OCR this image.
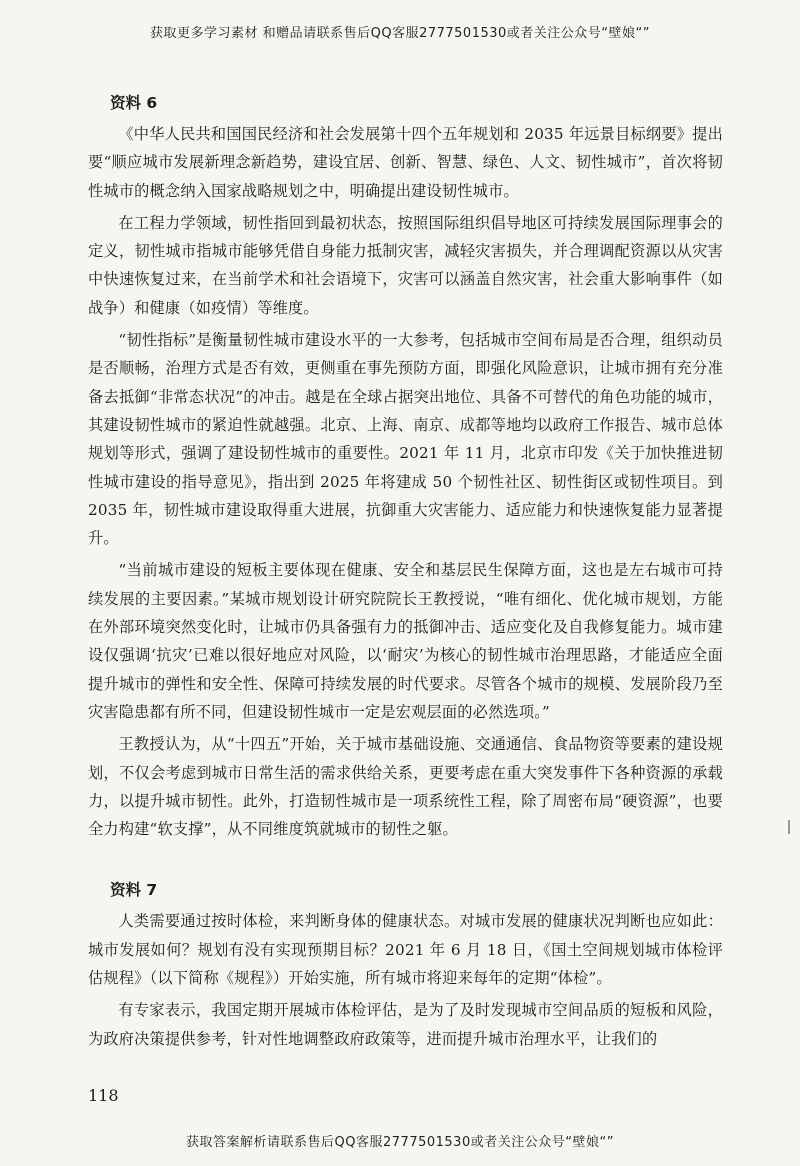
获取更多学习素材 和赠品请联系售后QQ客服2777501530或者关注公众号“壁娘“”
资料 6

《中华人民共和国国民经济和社会发展第十四个五年规划和 2035 年远景目标纲要》提出要“顺应城市发展新理念新趋势，建设宜居、创新、智慧、绿色、人文、韧性城市”，首次将韧性城市的概念纳入国家战略规划之中，明确提出建设韧性城市。

在工程力学领域，韧性指回到最初状态，按照国际组织倡导地区可持续发展国际理事会的定义，韧性城市指城市能够凭借自身能力抵制灾害，减轻灾害损失，并合理调配资源以从灾害中快速恢复过来，在当前学术和社会语境下，灾害可以涵盖自然灾害，社会重大影响事件（如战争）和健康（如疫情）等维度。

“韧性指标”是衡量韧性城市建设水平的一大参考，包括城市空间布局是否合理，组织动员是否顺畅，治理方式是否有效，更侧重在事先预防方面，即强化风险意识，让城市拥有充分准备去抵御“非常态状况”的冲击。越是在全球占据突出地位、具备不可替代的角色功能的城市，其建设韧性城市的紧迫性就越强。北京、上海、南京、成都等地均以政府工作报告、城市总体规划等形式，强调了建设韧性城市的重要性。2021 年 11 月，北京市印发《关于加快推进韧性城市建设的指导意见》，指出到 2025 年将建成 50 个韧性社区、韧性街区或韧性项目。到 2035 年，韧性城市建设取得重大进展，抗御重大灾害能力、适应能力和快速恢复能力显著提升。

“当前城市建设的短板主要体现在健康、安全和基层民生保障方面，这也是左右城市可持续发展的主要因素。”某城市规划设计研究院院长王教授说，“唯有细化、优化城市规划，方能在外部环境突然变化时，让城市仍具备强有力的抵御冲击、适应变化及自我修复能力。城市建设仅强调‘抗灾’已难以很好地应对风险，以‘耐灾’为核心的韧性城市治理思路，才能适应全面提升城市的弹性和安全性、保障可持续发展的时代要求。尽管各个城市的规模、发展阶段乃至灾害隐患都有所不同，但建设韧性城市一定是宏观层面的必然选项。”

王教授认为，从“十四五”开始，关于城市基础设施、交通通信、食品物资等要素的建设规划，不仅会考虑到城市日常生活的需求供给关系，更要考虑在重大突发事件下各种资源的承载力，以提升城市韧性。此外，打造韧性城市是一项系统性工程，除了周密布局“硬资源”，也要全力构建“软支撑”，从不同维度筑就城市的韧性之躯。

资料 7

人类需要通过按时体检，来判断身体的健康状态。对城市发展的健康状况判断也应如此：城市发展如何？规划有没有实现预期目标？2021 年 6 月 18 日，《国土空间规划城市体检评估规程》（以下简称《规程》）开始实施，所有城市将迎来每年的定期“体检”。

有专家表示，我国定期开展城市体检评估，是为了及时发现城市空间品质的短板和风险，为政府决策提供参考，针对性地调整政府政策等，进而提升城市治理水平，让我们的

118
获取答案解析请联系售后QQ客服2777501530或者关注公众号“壁娘“”
